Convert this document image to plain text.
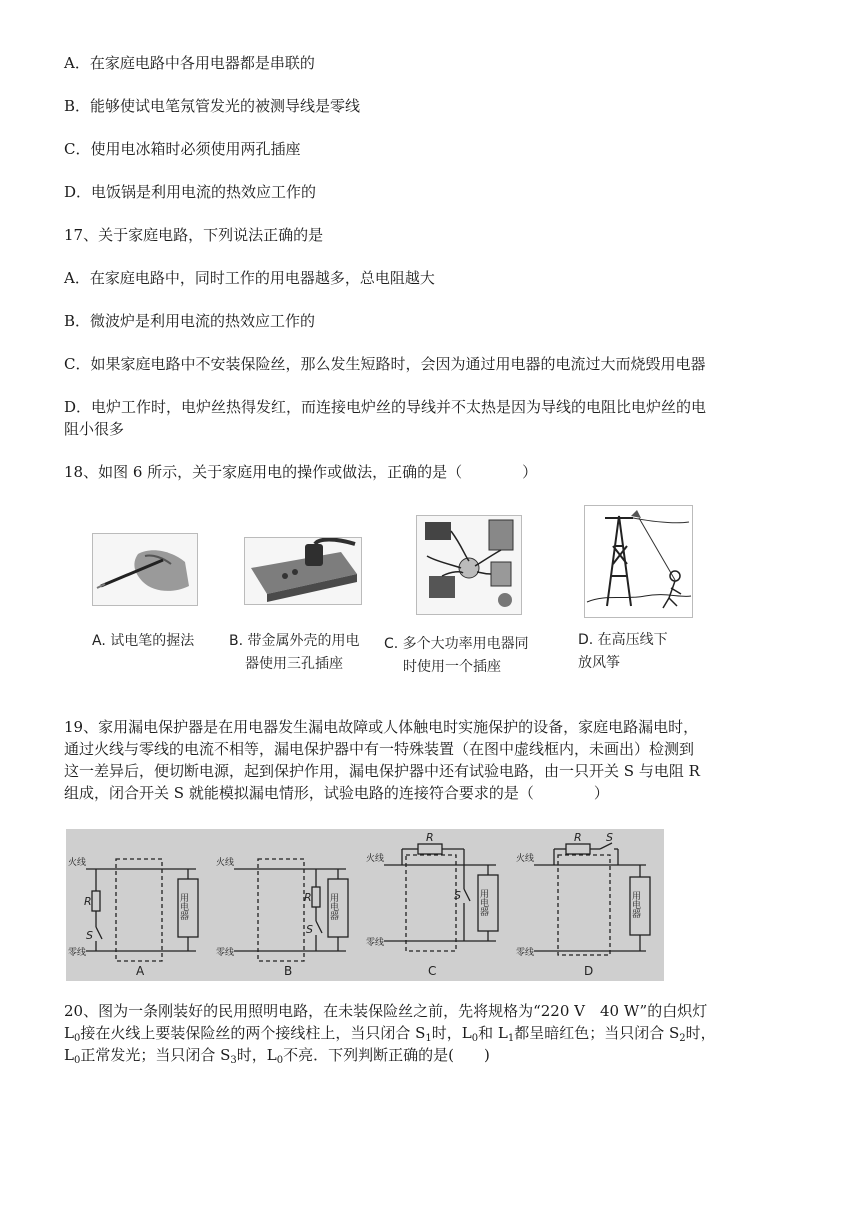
A．在家庭电路中各用电器都是串联的
B．能够使试电笔氖管发光的被测导线是零线
C．使用电冰箱时必须使用两孔插座
D．电饭锅是利用电流的热效应工作的
17、关于家庭电路，下列说法正确的是
A．在家庭电路中，同时工作的用电器越多，总电阻越大
B．微波炉是利用电流的热效应工作的
C．如果家庭电路中不安装保险丝，那么发生短路时，会因为通过用电器的电流过大而烧毁用电器
D．电炉工作时，电炉丝热得发红，而连接电炉丝的导线并不太热是因为导线的电阻比电炉丝的电
阻小很多
18、如图 6 所示，关于家庭用电的操作或做法，正确的是（　　　　）
A. 试电笔的握法 B. 带金属外壳的用电
器使用三孔插座
C. 多个大功率用电器同
时使用一个插座
D. 在高压线下
放风筝
19、家用漏电保护器是在用电器发生漏电故障或人体触电时实施保护的设备，家庭电路漏电时，
通过火线与零线的电流不相等，漏电保护器中有一特殊装置（在图中虚线框内，未画出）检测到
这一差异后，便切断电源，起到保护作用，漏电保护器中还有试验电路，由一只开关 S 与电阻 R
组成，闭合开关 S 就能模拟漏电情形，试验电路的连接符合要求的是（　　　　）
火线
零线
火线
零线
火线
零线
火线
零线
R
S
R
S
R
S
R S
用电器	用电器	用电器	用电器
A	B	C	D
20、图为一条刚装好的民用照明电路，在未装保险丝之前，先将规格为“220 V　40 W”的白炽灯
$L_0$接在火线上要装保险丝的两个接线柱上，当只闭合 $S_1$时，$L_0$和 $L_1$都呈暗红色；当只闭合 $S_2$时，
$L_0$正常发光；当只闭合 $S_3$时，$L_0$不亮．下列判断正确的是(　　)
